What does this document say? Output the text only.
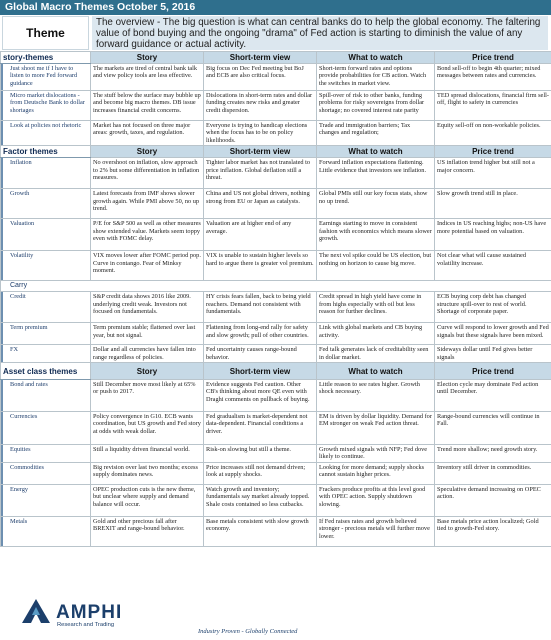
Global Macro Themes October 5, 2016
Theme
The overview - The big question is what can central banks do to help the global economy. The faltering value of bond buying and the ongoing "drama" of Fed action is starting to diminish the value of any forward guidance or actual activity.
story-themes	Story	Short-term view	What to watch	Price trend

Just shoot me if I have to listen to more Fed forward guidance	The markets are tired of central bank talk and view policy tools are less effective.	Big focus on Dec Fed meeting but BoJ and ECB are also critical focus.	Short-term forward rates and options provide probabilities for CB action. Watch the switches in market view.	Bond sell-off to begin 4th quarter; mixed messages between rates and currencies.

Micro market dislocations -from Deutsche Bank to dollar shortages	The stuff below the surface may bubble up and become big macro themes. DB issue increases financial credit concerns.	Dislocations in short-term rates and dollar funding creates new risks and greater credit dispersion.	Spill-over of risk to other banks, funding problems for risky sovereigns from dollar shortage; no covered interest rate parity	TED spread dislocations, financial firm sell-off, flight to safety in currencies

Look at policies not rhetoric	Market has not focused on three major areas: growth, taxes, and regulation.	Everyone is trying to handicap elections when the focus has to be on policy likelihoods.	Trade and immigration barriers; Tax changes and regulation;	Equity sell-off on non-workable policies.
Factor themes	Story	Short-term view	What to watch	Price trend

Inflation	No overshoot on inflation, slow approach to 2% but some differentiation in inflation measures.	Tighter labor market has not translated to price inflation. Global deflation still a threat.	Forward inflation expectations flattening. Little evidence that investors see inflation.	US inflation trend higher but still not a major concern.

Growth	Latest forecasts from IMF shows slower growth again. While PMI above 50, no up trend.	China and US not global drivers, nothing strong from EU or Japan as catalysts.	Global PMIs still our key focus stats, show no up trend.	Slow growth trend still in place.

Valuation	P/E for S&P 500 as well as other measures show extended value. Markets seem toppy even with FOMC delay.	Valuation are at higher end of any average.	Earnings starting to move in consistent fashion with economics which means slower growth.	Indices in US reaching highs; non-US have more potential based on valuation.

Volatility	VIX moves lower after FOMC period pop. Curve in contango. Fear of Minksy moment.	VIX is unable to sustain higher levels so hard to argue there is greater vol premium.	The next vol spike could be US election, but nothing on horizon to cause big move.	Not clear what will cause sustained volatility increase.
Carry				

Credit	S&P credit data shows 2016 like 2009. underlying credit weak. Investors not focused on fundamentals.	HY crisis fears fallen, back to being yield reachers. Demand not consistent with fundamentals.	Credit spread in high yield have come in from highs especially with oil but less reason for further declines.	ECB buying corp debt has changed structure spill-over to rest of world. Shortage of corporate paper.

Term premium	Term premium stable; flattened over last year, but not signal.	Flattening from long-end rally for safety and slow growth; pull of other countries.	Link with global markets and CB buying activity.	Curve will respond to lower growth and Fed signals but these signals have been mixed.

FX	Dollar and all currencies have fallen into range regardless of policies.	Fed uncertainty causes range-bound behavior.	Fed talk generates lack of creditability seen in dollar market.	Sideways dollar until Fed gives better signals
Asset class themes	Story	Short-term view	What to watch	Price trend

Bond and rates	Still December move most likely at 65% or push to 2017.	Evidence suggests Fed caution. Other CB's thinking about more QE even with Draghi comments on pullback of buying.	Little reason to see rates higher. Growth shock necessary.	Election cycle may dominate Fed action until December.

Currencies	Policy convergence in G10. ECB wants coordination, but US growth and Fed story at odds with weak dollar.	Fed gradualism is market-dependent not data-dependent. Financial conditions a driver.	EM is driven by dollar liquidity. Demand for EM stronger on weak Fed action threat.	Range-bound currencies will continue in Fall.

Equities	Still a liquidity driven financial world.	Risk-on slowing but still a theme.	Growth mixed signals with NFP; Fed dove likely to continue.	Trend more shallow; need growth story.

Commodities	Big revision over last two months; excess supply dominates news.	Price increases still not demand driven; look at supply shocks.	Looking for more demand; supply shocks cannot sustain higher prices.	Inventory still driver in commodities.

Energy	OPEC production cuts is the new theme, but unclear where supply and demand balance will occur.	Watch growth and inventory; fundamentals say market already topped. Shale costs contained so less cutbacks.	Frackers produce profits at this level good with OPEC action. Supply shutdown slowing.	Speculative demand increasing on OPEC action.

Metals	Gold and other precious fall after BREXIT and range-bound behavior.	Base metals consistent with slow growth economy.	If Fed raises rates and growth believed stronger - precious metals will further move lower.	Base metals price action localized; Gold tied to growth-Fed story.
AMPHI
Research and Trading
Industry Proven - Globally Connected
